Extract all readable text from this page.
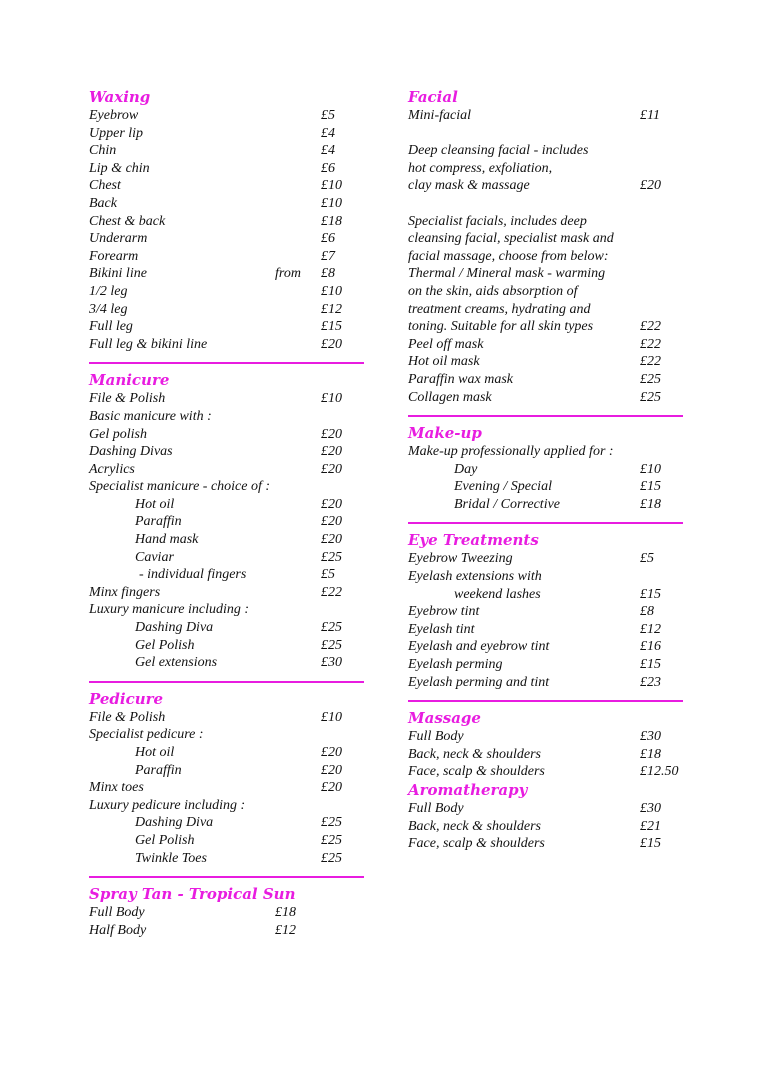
Waxing
Eyebrow	£5
Upper lip	£4
Chin	£4
Lip & chin	£6
Chest	£10
Back	£10
Chest & back	£18
Underarm	£6
Forearm	£7
Bikini line	from £8
1/2 leg	£10
3/4 leg	£12
Full leg	£15
Full leg & bikini line	£20
Manicure
File & Polish	£10
Basic manicure with :
Gel polish	£20
Dashing Divas	£20
Acrylics	£20
Specialist manicure - choice of :
Hot oil	£20
Paraffin	£20
Hand mask	£20
Caviar	£25
- individual fingers	£5
Minx fingers	£22
Luxury manicure including :
Dashing Diva	£25
Gel Polish	£25
Gel extensions	£30
Pedicure
File & Polish	£10
Specialist pedicure :
Hot oil	£20
Paraffin	£20
Minx toes	£20
Luxury pedicure including :
Dashing Diva	£25
Gel Polish	£25
Twinkle Toes	£25
Spray Tan - Tropical Sun
Full Body	£18
Half Body	£12
Facial
Mini-facial	£11
Deep cleansing facial - includes
hot compress, exfoliation,
clay mask & massage	£20
Specialist facials, includes deep
cleansing facial, specialist mask and
facial massage, choose from below:
Thermal / Mineral mask - warming
on the skin, aids absorption of
treatment creams, hydrating and
toning. Suitable for all skin types	£22
Peel off mask	£22
Hot oil mask	£22
Paraffin wax mask	£25
Collagen mask	£25
Make-up
Make-up professionally applied for :
Day	£10
Evening / Special	£15
Bridal / Corrective	£18
Eye Treatments
Eyebrow Tweezing	£5
Eyelash extensions with
weekend lashes	£15
Eyebrow tint	£8
Eyelash tint	£12
Eyelash and eyebrow tint	£16
Eyelash perming	£15
Eyelash perming and tint	£23
Massage
Full Body	£30
Back, neck & shoulders	£18
Face, scalp & shoulders	£12.50
Aromatherapy
Full Body	£30
Back, neck & shoulders	£21
Face, scalp & shoulders	£15
